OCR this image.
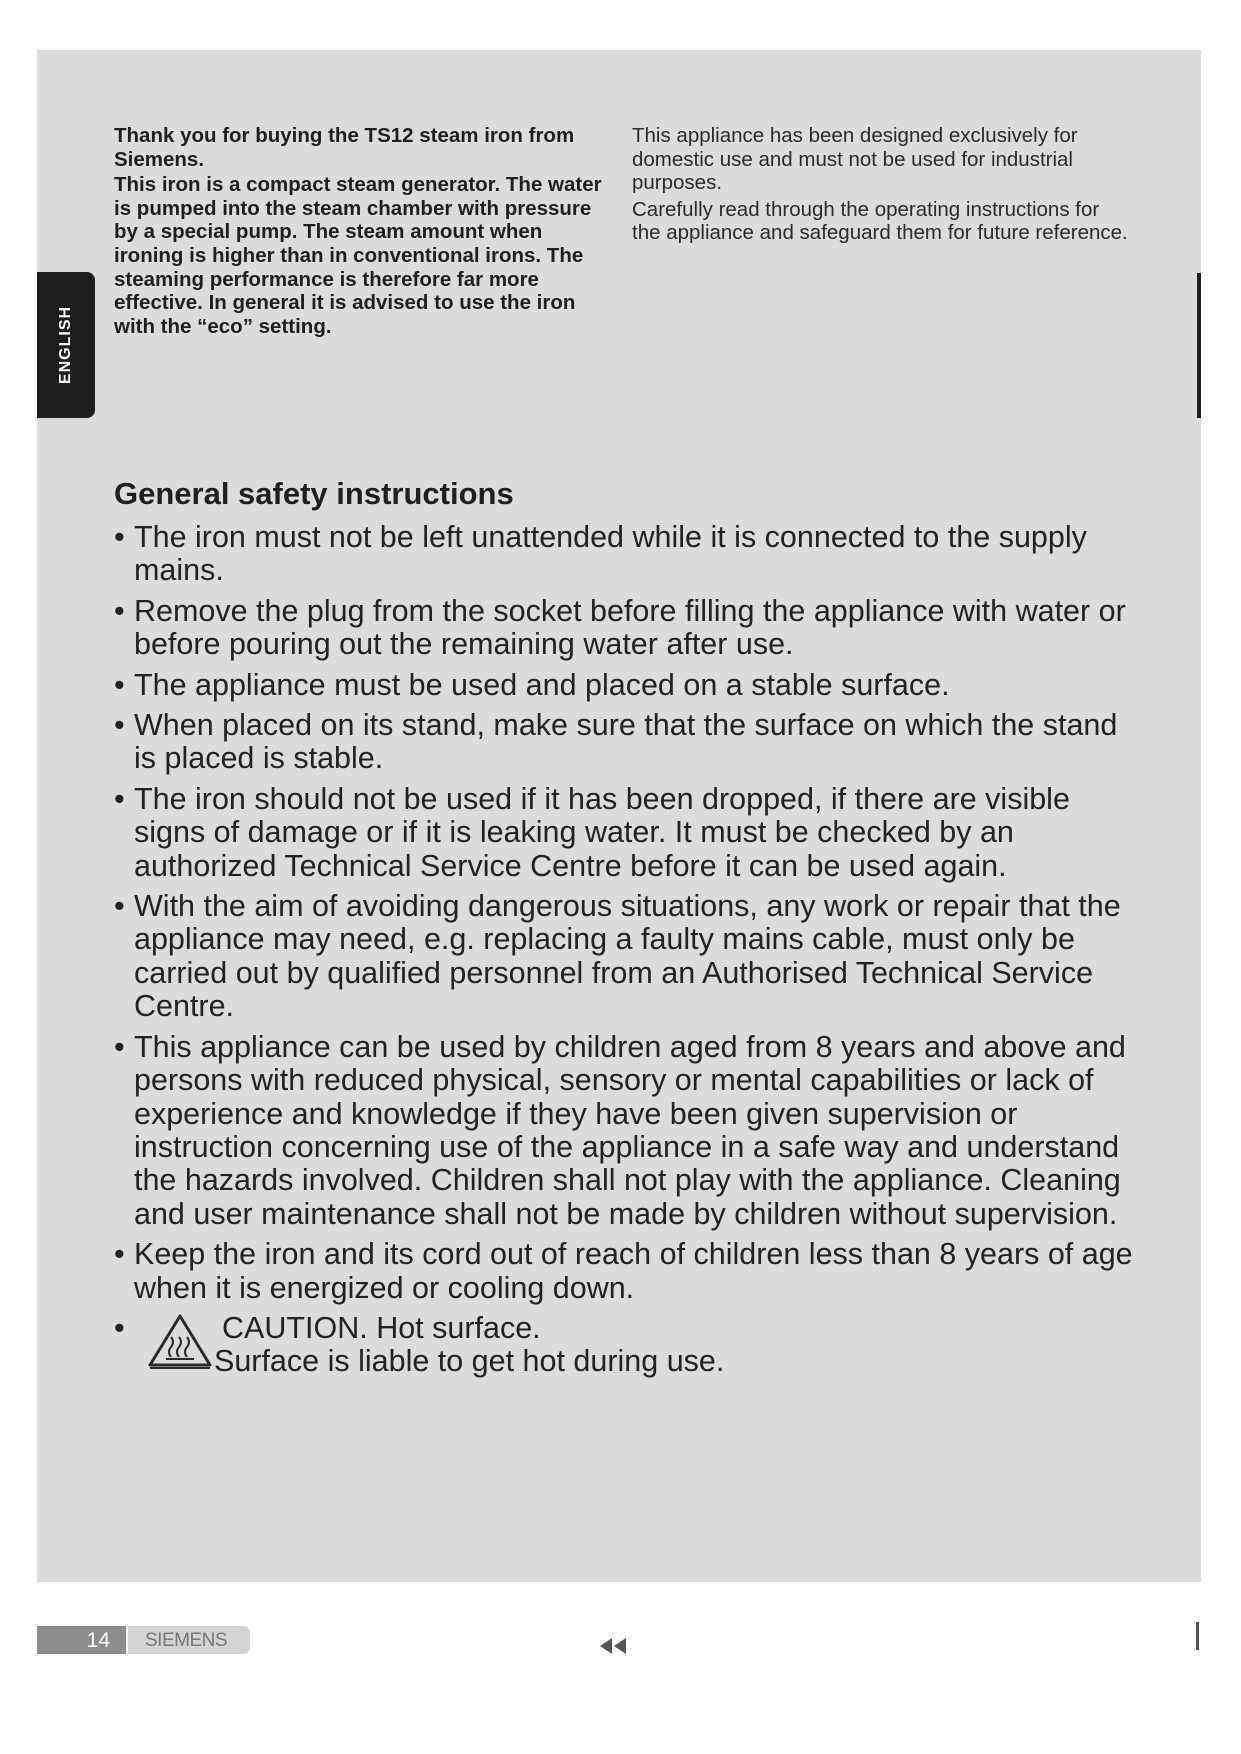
ENGLISH

Thank you for buying the TS12 steam iron from Siemens.

This iron is a compact steam generator. The water is pumped into the steam chamber with pressure by a special pump. The steam amount when ironing is higher than in conventional irons. The steaming performance is therefore far more effective. In general it is advised to use the iron with the “eco” setting.

This appliance has been designed exclusively for domestic use and must not be used for industrial purposes.

Carefully read through the operating instructions for the appliance and safeguard them for future reference.

General safety instructions
• The iron must not be left unattended while it is connected to the supply mains.
• Remove the plug from the socket before filling the appliance with water or before pouring out the remaining water after use.
• The appliance must be used and placed on a stable surface.
• When placed on its stand, make sure that the surface on which the stand is placed is stable.
• The iron should not be used if it has been dropped, if there are visible signs of damage or if it is leaking water. It must be checked by an authorized Technical Service Centre before it can be used again.
• With the aim of avoiding dangerous situations, any work or repair that the appliance may need, e.g. replacing a faulty mains cable, must only be carried out by qualified personnel from an Authorised Technical Service Centre.
• This appliance can be used by children aged from 8 years and above and persons with reduced physical, sensory or mental capabilities or lack of experience and knowledge if they have been given supervision or instruction concerning use of the appliance in a safe way and understand the hazards involved. Children shall not play with the appliance. Cleaning and user maintenance shall not be made by children without supervision.
• Keep the iron and its cord out of reach of children less than 8 years of age when it is energized or cooling down.
•	CAUTION. Hot surface.
Surface is liable to get hot during use.
14 SIEMENS
